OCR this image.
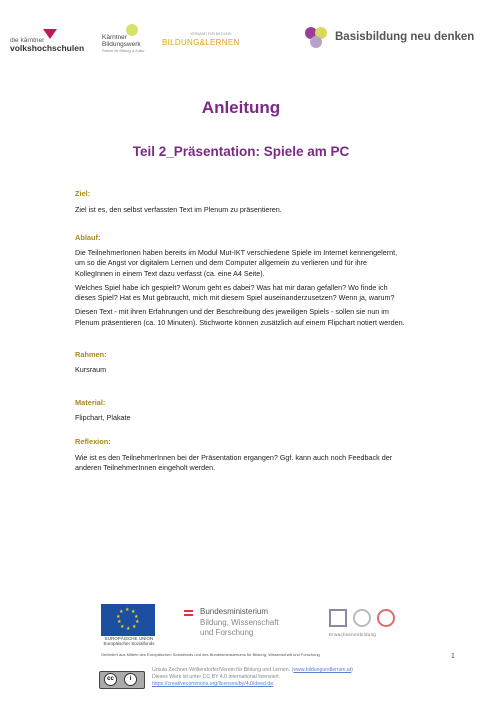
die kärntner
volkshochschulen
Kärntner
Bildungswerk
Partner für Bildung & Kultur
VERBAND FÜR BILDUNG
BILDUNG&LERNEN	Basisbildung neu denken
Anleitung
Teil 2_Präsentation: Spiele am PC
Ziel:

Ziel ist es, den selbst verfassten Text im Plenum zu präsentieren.

Ablauf:

Die TeilnehmerInnen haben bereits im Modul Mut-IKT verschiedene Spiele im Internet kennengelernt, um so die Angst vor digitalem Lernen und dem Computer allgemein zu verlieren und für ihre KollegInnen in einem Text dazu verfasst (ca. eine A4 Seite).

Welches Spiel habe ich gespielt? Worum geht es dabei? Was hat mir daran gefallen? Wo finde ich dieses Spiel? Hat es Mut gebraucht, mich mit diesem Spiel auseinanderzusetzen? Wenn ja, warum?

Diesen Text - mit ihren Erfahrungen und der Beschreibung des jeweiligen Spiels - sollen sie nun im Plenum präsentieren (ca. 10 Minuten). Stichworte können zusätzlich auf einem Flipchart notiert werden.

Rahmen:

Kursraum

Material:

Flipchart, Plakate

Reflexion:

Wie ist es den TeilnehmerInnen bei der Präsentation ergangen? Ggf. kann auch noch Feedback der anderen TeilnehmerInnen eingeholt werden.

★ ★
★
★
★
★
★
★
★
★
EUROPÄISCHE UNION
Europäischer Sozialfonds
Bundesministerium
Bildung, Wissenschaft
und Forschung	Erwachsenenbildung
Gefördert aus Mitteln des Europäischen Sozialfonds und des Bundesministeriums für Bildung, Wissenschaft und Forschung	1
cc	i
Ursula Zechner-Wöllendorfer/Verein für Bildung und Lernen. (www.bildungundlernen.at)
Dieses Werk ist unter CC BY 4.0 international lizenziert.
https://creativecommons.org/licenses/by/4.0/deed.de
